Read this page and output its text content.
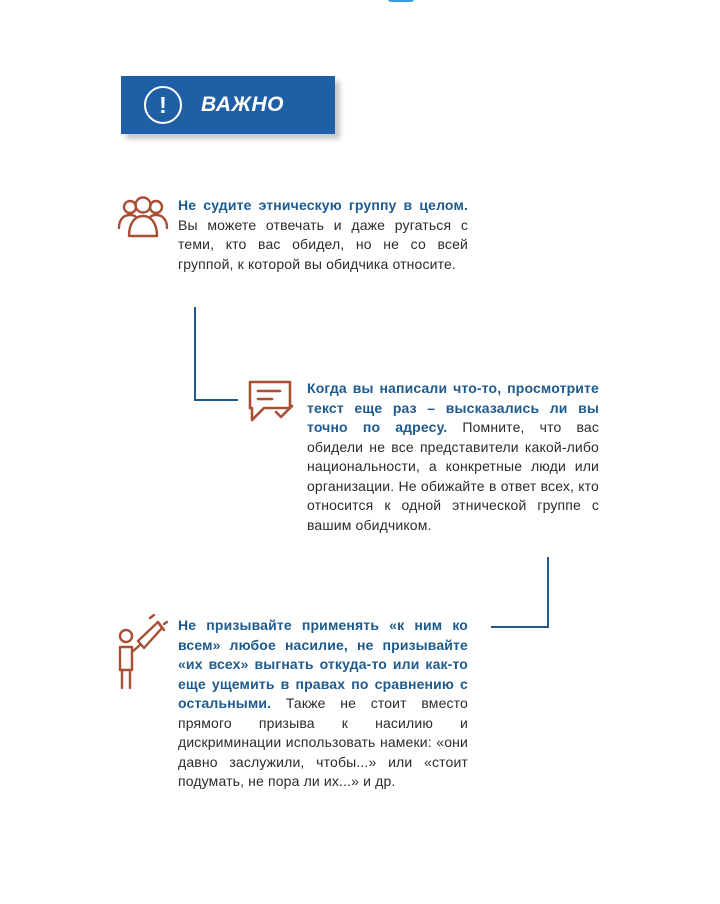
!	ВАЖНО
Не судите этническую группу в целом. Вы можете отвечать и даже ругаться с теми, кто вас обидел, но не со всей группой, к которой вы обидчика относите.
Когда вы написали что-то, просмотрите текст еще раз – высказались ли вы точно по адресу. Помните, что вас обидели не все представители какой-либо национальности, а конкретные люди или организации. Не обижайте в ответ всех, кто относится к одной этнической группе с вашим обидчиком.
Не призывайте применять «к ним ко всем» любое насилие, не призывайте «их всех» выгнать откуда-то или как-то еще ущемить в правах по сравнению с остальными. Также не стоит вместо прямого призыва к насилию и дискриминации использовать намеки: «они давно заслужили, чтобы...» или «стоит подумать, не пора ли их...» и др.
